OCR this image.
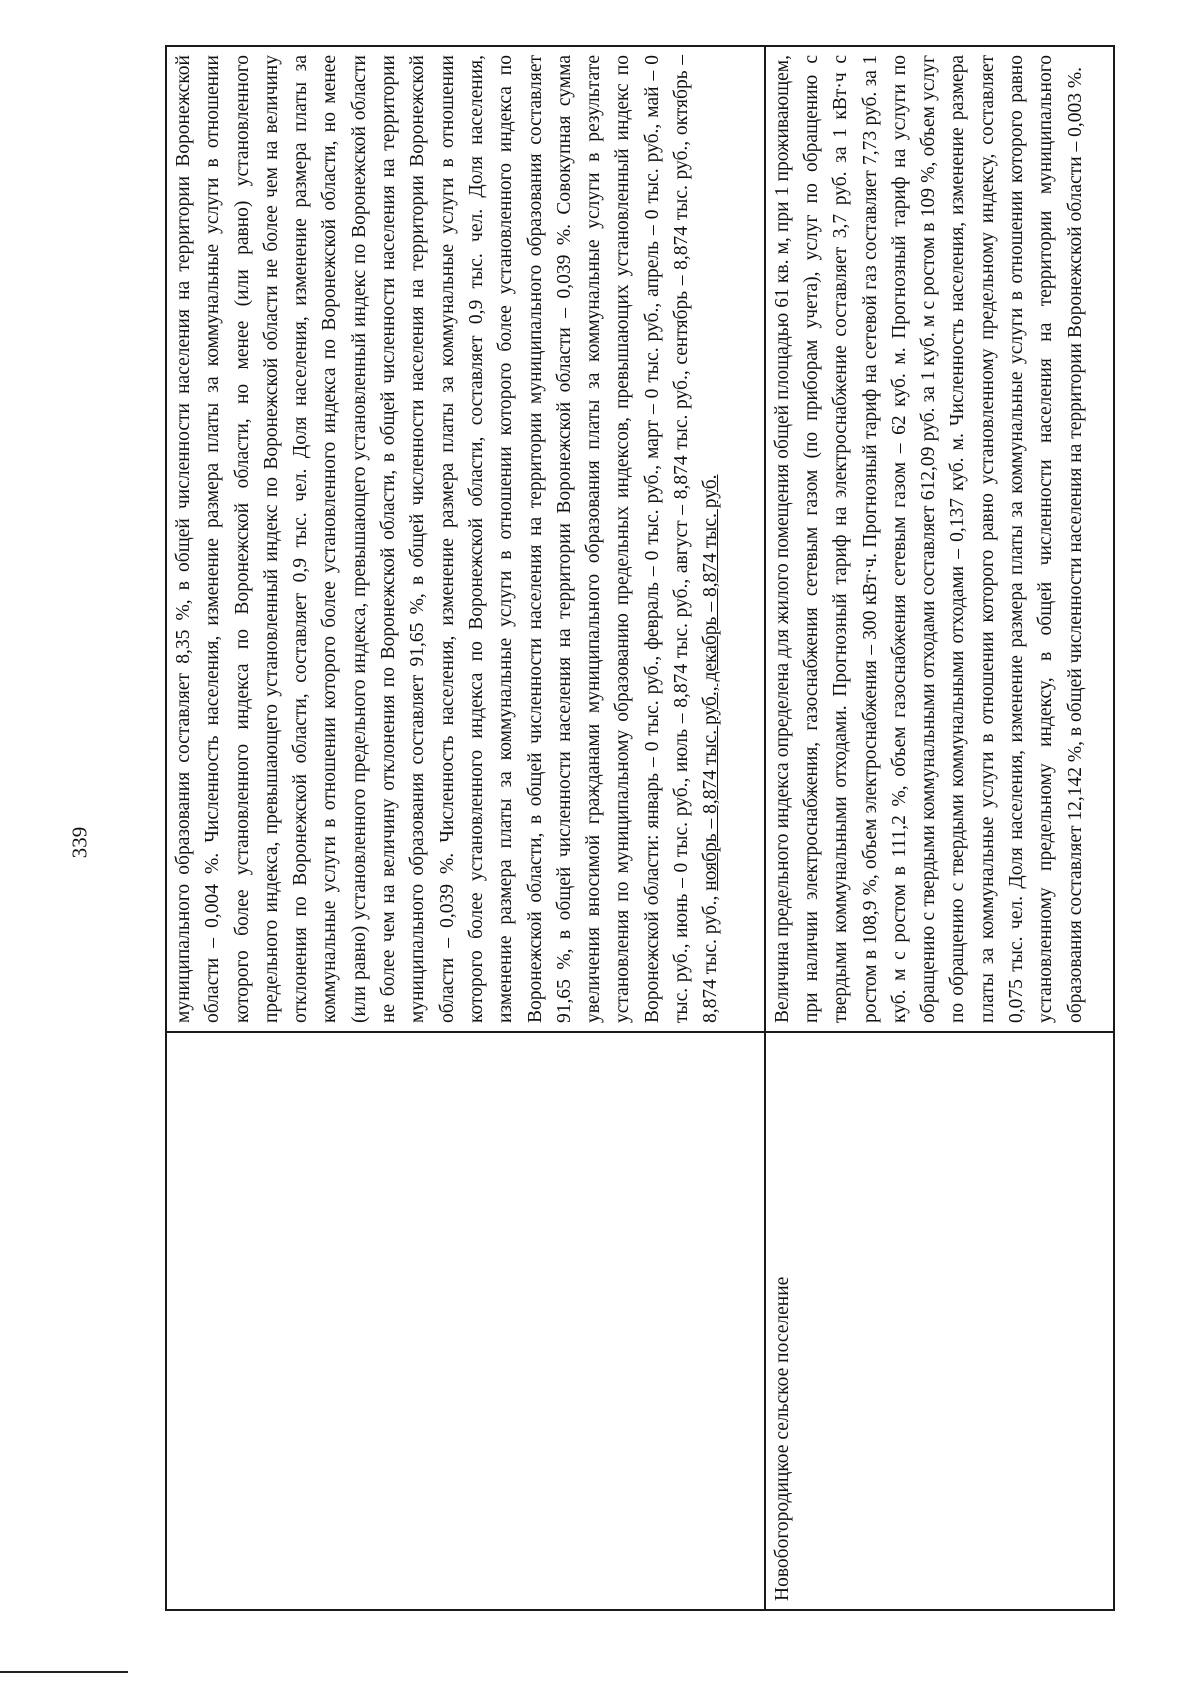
339
		муниципального образования составляет 8,35 %, в общей численности населения на территории Воронежской области – 0,004 %. Численность населения, изменение размера платы за коммунальные услуги в отношении которого более установленного индекса по Воронежской области, но менее (или равно) установленного предельного индекса, превышающего установленный индекс по Воронежской области не более чем на величину отклонения по Воронежской области, составляет 0,9 тыс. чел. Доля населения, изменение размера платы за коммунальные услуги в отношении которого более установленного индекса по Воронежской области, но менее (или равно) установленного предельного индекса, превышающего установленный индекс по Воронежской области не более чем на величину отклонения по Воронежской области, в общей численности населения на территории муниципального образования составляет 91,65 %, в общей численности населения на территории Воронежской области – 0,039 %. Численность населения, изменение размера платы за коммунальные услуги в отношении которого более установленного индекса по Воронежской области, составляет 0,9 тыс. чел. Доля населения, изменение размера платы за коммунальные услуги в отношении которого более установленного индекса по Воронежской области, в общей численности населения на территории муниципального образования составляет 91,65 %, в общей численности населения на территории Воронежской области – 0,039 %. Совокупная сумма увеличения вносимой гражданами муниципального образования платы за коммунальные услуги в результате установления по муниципальному образованию предельных индексов, превышающих установленный индекс по Воронежской области: январь – 0 тыс. руб., февраль – 0 тыс. руб., март – 0 тыс. руб., апрель – 0 тыс. руб., май – 0 тыс. руб., июнь – 0 тыс. руб., июль – 8,874 тыс. руб., август – 8,874 тыс. руб., сентябрь – 8,874 тыс. руб., октябрь – 8,874 тыс. руб., ноябрь – 8,874 тыс. руб., декабрь – 8,874 тыс. руб.
Новобогородицкое сельское поселение	Величина предельного индекса определена для жилого помещения общей площадью 61 кв. м, при 1 проживающем, при наличии электроснабжения, газоснабжения сетевым газом (по приборам учета), услуг по обращению с твердыми коммунальными отходами. Прогнозный тариф на электроснабжение составляет 3,7 руб. за 1 кВт·ч с ростом в 108,9 %, объем электроснабжения – 300 кВт·ч. Прогнозный тариф на сетевой газ составляет 7,73 руб. за 1 куб. м с ростом в 111,2 %, объем газоснабжения сетевым газом – 62 куб. м. Прогнозный тариф на услуги по обращению с твердыми коммунальными отходами составляет 612,09 руб. за 1 куб. м с ростом в 109 %, объем услуг по обращению с твердыми коммунальными отходами – 0,137 куб. м. Численность населения, изменение размера платы за коммунальные услуги в отношении которого равно установленному предельному индексу, составляет 0,075 тыс. чел. Доля населения, изменение размера платы за коммунальные услуги в отношении которого равно установленному предельному индексу, в общей численности населения на территории муниципального образования составляет 12,142 %, в общей численности населения на территории Воронежской области – 0,003 %.
